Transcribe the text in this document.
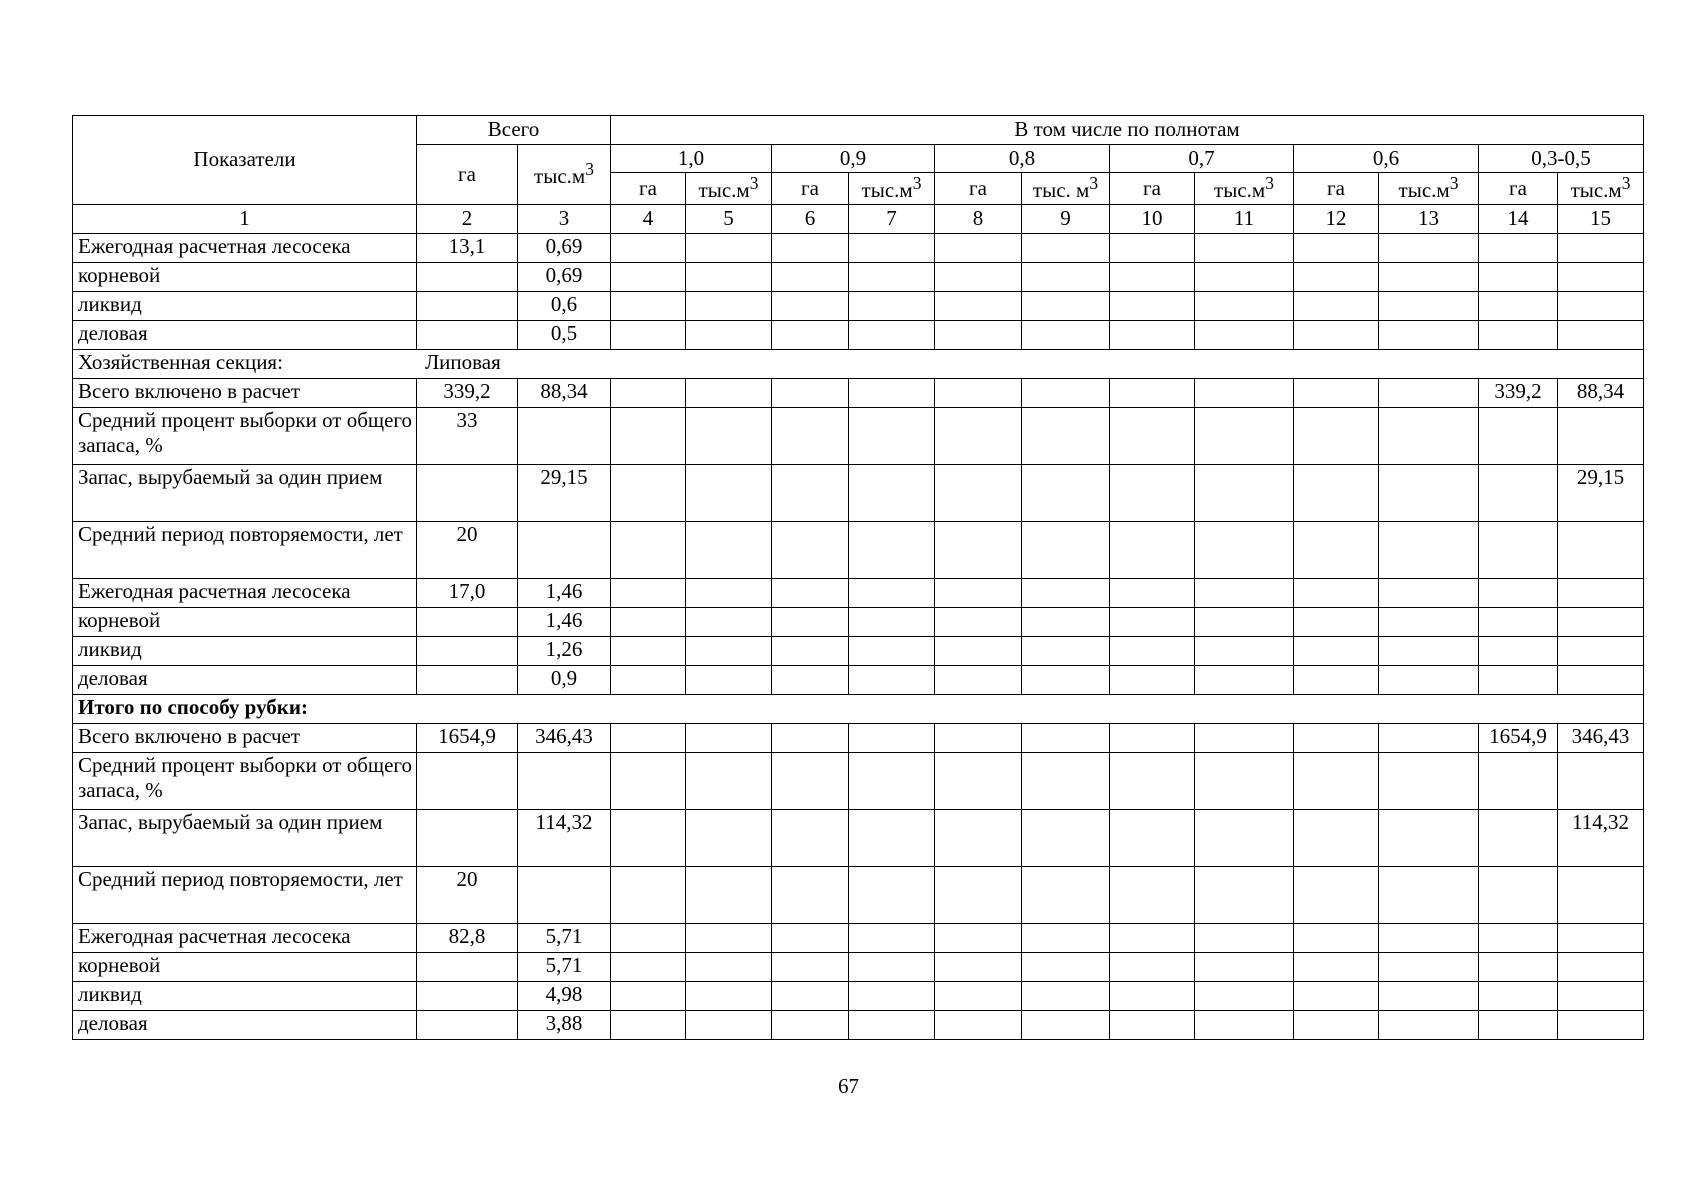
Показатели	Всего		В том числе по полнотам											
	га	$тыс.м^3$	1,0		0,9		0,8		0,7		0,6		0,3-0,5	
			га	$тыс.м^3$	га	$тыс.м^3$	га	тыс. $м^3$	га	$тыс.м^3$	га	$тыс.м^3$	га	$тыс.м^3$
1	2	3	4	5	6	7	8	9	10	11	12	13	14	15
Ежегодная расчетная лесосека	13,1	0,69												
корневой		0,69												
ликвид		0,6												
деловая		0,5												
Хозяйственная секция: Липовая														
Всего включено в расчет	339,2	88,34											339,2	88,34
Средний процент выборки от общего запаса, %	33													
Запас, вырубаемый за один прием		29,15												29,15
Средний период повторяемости, лет	20													
Ежегодная расчетная лесосека	17,0	1,46												
корневой		1,46												
ликвид		1,26												
деловая		0,9												
Итого по способу рубки:														
Всего включено в расчет	1654,9	346,43											1654,9	346,43
Средний процент выборки от общего запаса, %														
Запас, вырубаемый за один прием		114,32												114,32
Средний период повторяемости, лет	20													
Ежегодная расчетная лесосека	82,8	5,71												
корневой		5,71												
ликвид		4,98												
деловая		3,88												
67
